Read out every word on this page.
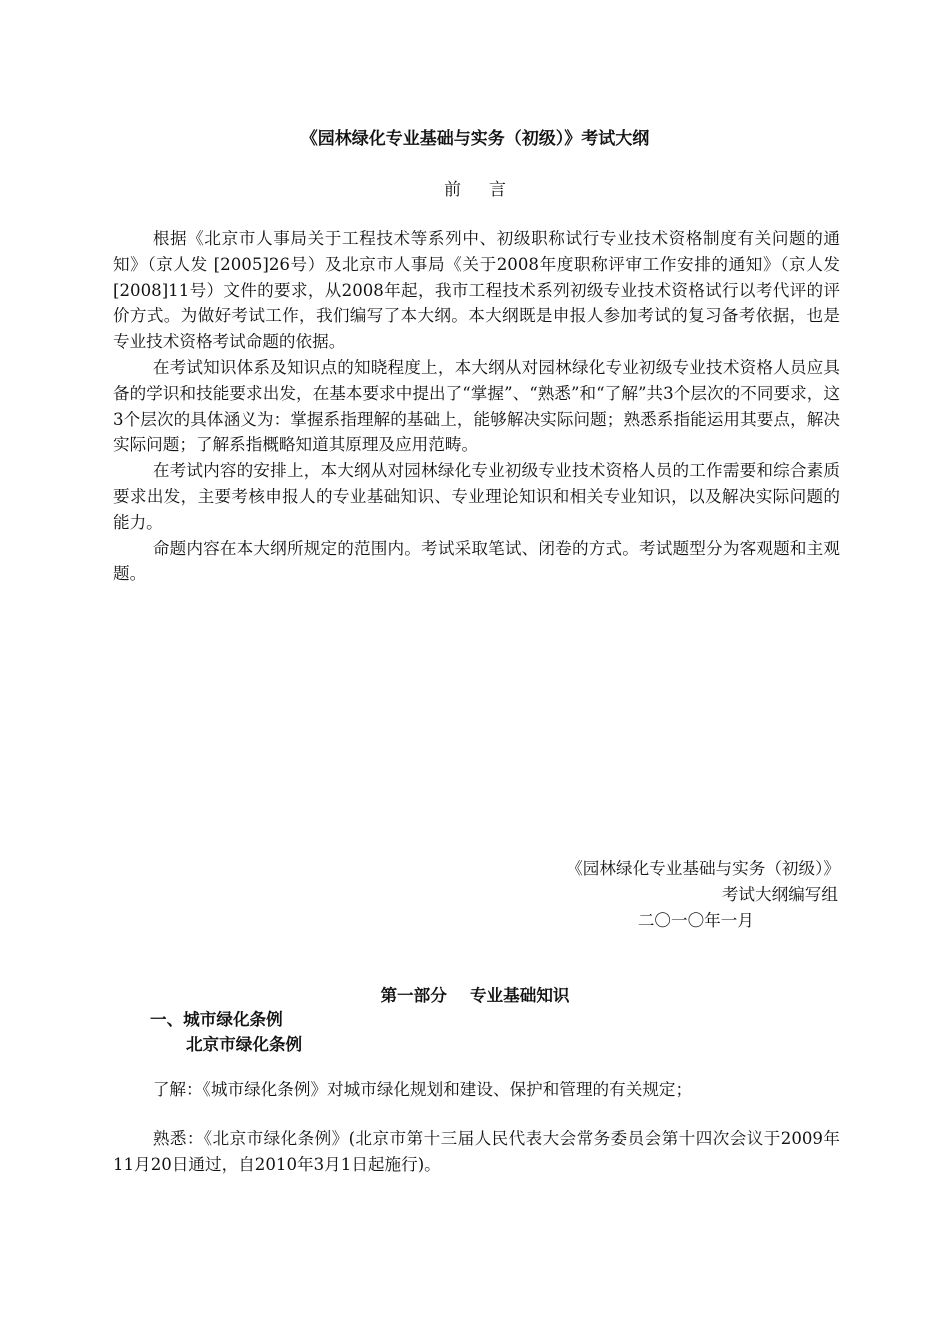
《园林绿化专业基础与实务（初级）》考试大纲
前言

根据《北京市人事局关于工程技术等系列中、初级职称试行专业技术资格制度有关问题的通知》（京人发 [2005]26号）及北京市人事局《关于2008年度职称评审工作安排的通知》（京人发[2008]11号）文件的要求，从2008年起，我市工程技术系列初级专业技术资格试行以考代评的评价方式。为做好考试工作，我们编写了本大纲。本大纲既是申报人参加考试的复习备考依据，也是专业技术资格考试命题的依据。

在考试知识体系及知识点的知晓程度上，本大纲从对园林绿化专业初级专业技术资格人员应具备的学识和技能要求出发，在基本要求中提出了“掌握”、“熟悉”和“了解”共3个层次的不同要求，这3个层次的具体涵义为：掌握系指理解的基础上，能够解决实际问题；熟悉系指能运用其要点，解决实际问题；了解系指概略知道其原理及应用范畴。

在考试内容的安排上，本大纲从对园林绿化专业初级专业技术资格人员的工作需要和综合素质要求出发，主要考核申报人的专业基础知识、专业理论知识和相关专业知识，以及解决实际问题的能力。

命题内容在本大纲所规定的范围内。考试采取笔试、闭卷的方式。考试题型分为客观题和主观题。

《园林绿化专业基础与实务（初级）》
考试大纲编写组
二〇一〇年一月
第一部分    专业基础知识
一、城市绿化条例
北京市绿化条例

了解：《城市绿化条例》对城市绿化规划和建设、保护和管理的有关规定；

熟悉：《北京市绿化条例》(北京市第十三届人民代表大会常务委员会第十四次会议于2009年11月20日通过，自2010年3月1日起施行)。
